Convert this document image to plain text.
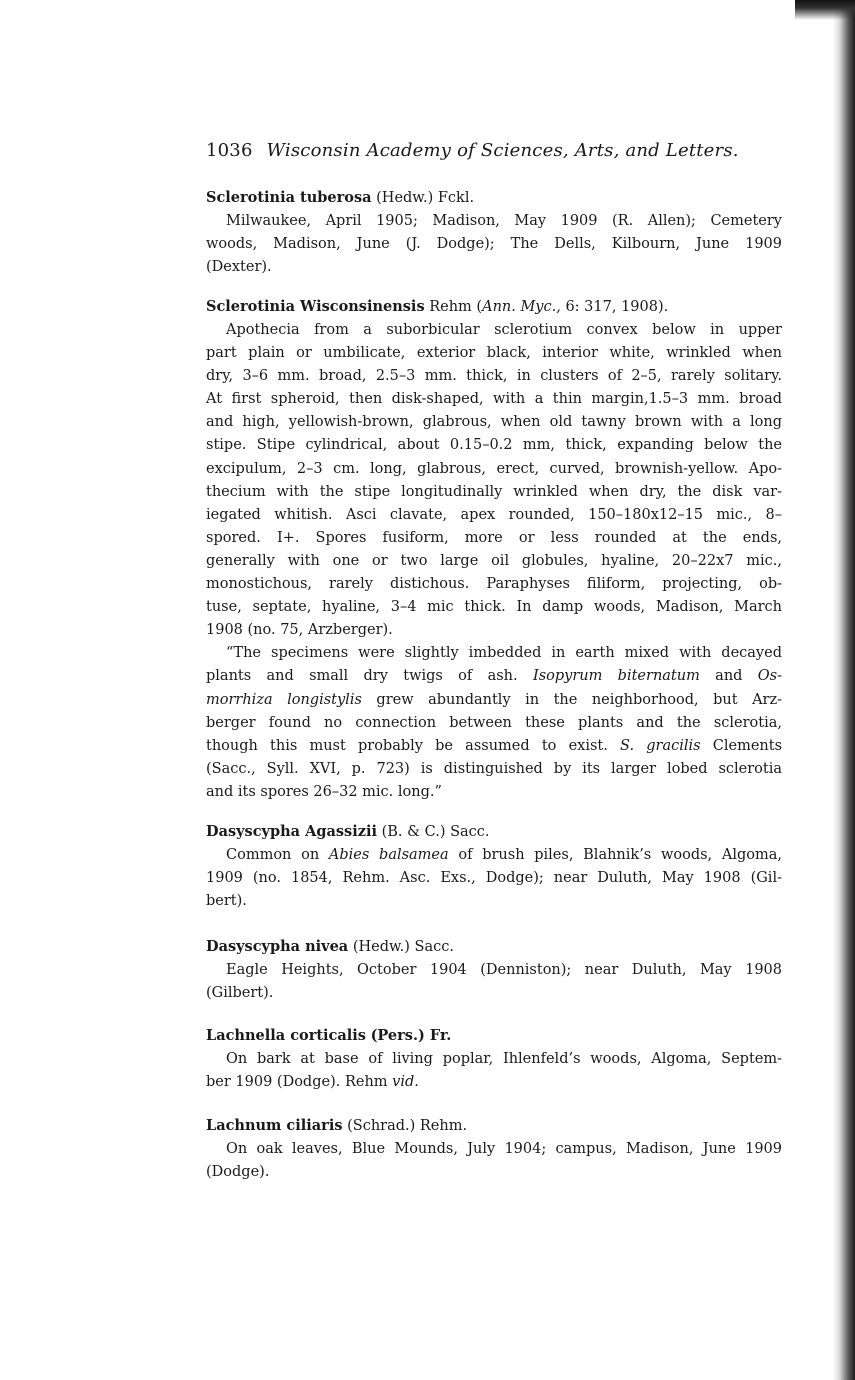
1036 Wisconsin Academy of Sciences, Arts, and Letters.
Sclerotinia tuberosa (Hedw.) Fckl.
Milwaukee, April 1905; Madison, May 1909 (R. Allen); Cemetery
woods, Madison, June (J. Dodge); The Dells, Kilbourn, June 1909
(Dexter).
Sclerotinia Wisconsinensis Rehm (Ann. Myc., 6: 317, 1908).
Apothecia from a suborbicular sclerotium convex below in upper
part plain or umbilicate, exterior black, interior white, wrinkled when
dry, 3–6 mm. broad, 2.5–3 mm. thick, in clusters of 2–5, rarely solitary.
At first spheroid, then disk-shaped, with a thin margin,1.5–3 mm. broad
and high, yellowish-brown, glabrous, when old tawny brown with a long
stipe. Stipe cylindrical, about 0.15–0.2 mm, thick, expanding below the
excipulum, 2–3 cm. long, glabrous, erect, curved, brownish-yellow. Apo-
thecium with the stipe longitudinally wrinkled when dry, the disk var-
iegated whitish. Asci clavate, apex rounded, 150–180x12–15 mic., 8–
spored. I+. Spores fusiform, more or less rounded at the ends,
generally with one or two large oil globules, hyaline, 20–22x7 mic.,
monostichous, rarely distichous. Paraphyses filiform, projecting, ob-
tuse, septate, hyaline, 3–4 mic thick. In damp woods, Madison, March
1908 (no. 75, Arzberger).
“The specimens were slightly imbedded in earth mixed with decayed
plants and small dry twigs of ash. Isopyrum biternatum and Os-
morrhiza longistylis grew abundantly in the neighborhood, but Arz-
berger found no connection between these plants and the sclerotia,
though this must probably be assumed to exist. S. gracilis Clements
(Sacc., Syll. XVI, p. 723) is distinguished by its larger lobed sclerotia
and its spores 26–32 mic. long.”
Dasyscypha Agassizii (B. & C.) Sacc.
Common on Abies balsamea of brush piles, Blahnik’s woods, Algoma,
1909 (no. 1854, Rehm. Asc. Exs., Dodge); near Duluth, May 1908 (Gil-
bert).
Dasyscypha nivea (Hedw.) Sacc.
Eagle Heights, October 1904 (Denniston); near Duluth, May 1908
(Gilbert).
Lachnella corticalis (Pers.) Fr.
On bark at base of living poplar, Ihlenfeld’s woods, Algoma, Septem-
ber 1909 (Dodge). Rehm vid.
Lachnum ciliaris (Schrad.) Rehm.
On oak leaves, Blue Mounds, July 1904; campus, Madison, June 1909
(Dodge).
